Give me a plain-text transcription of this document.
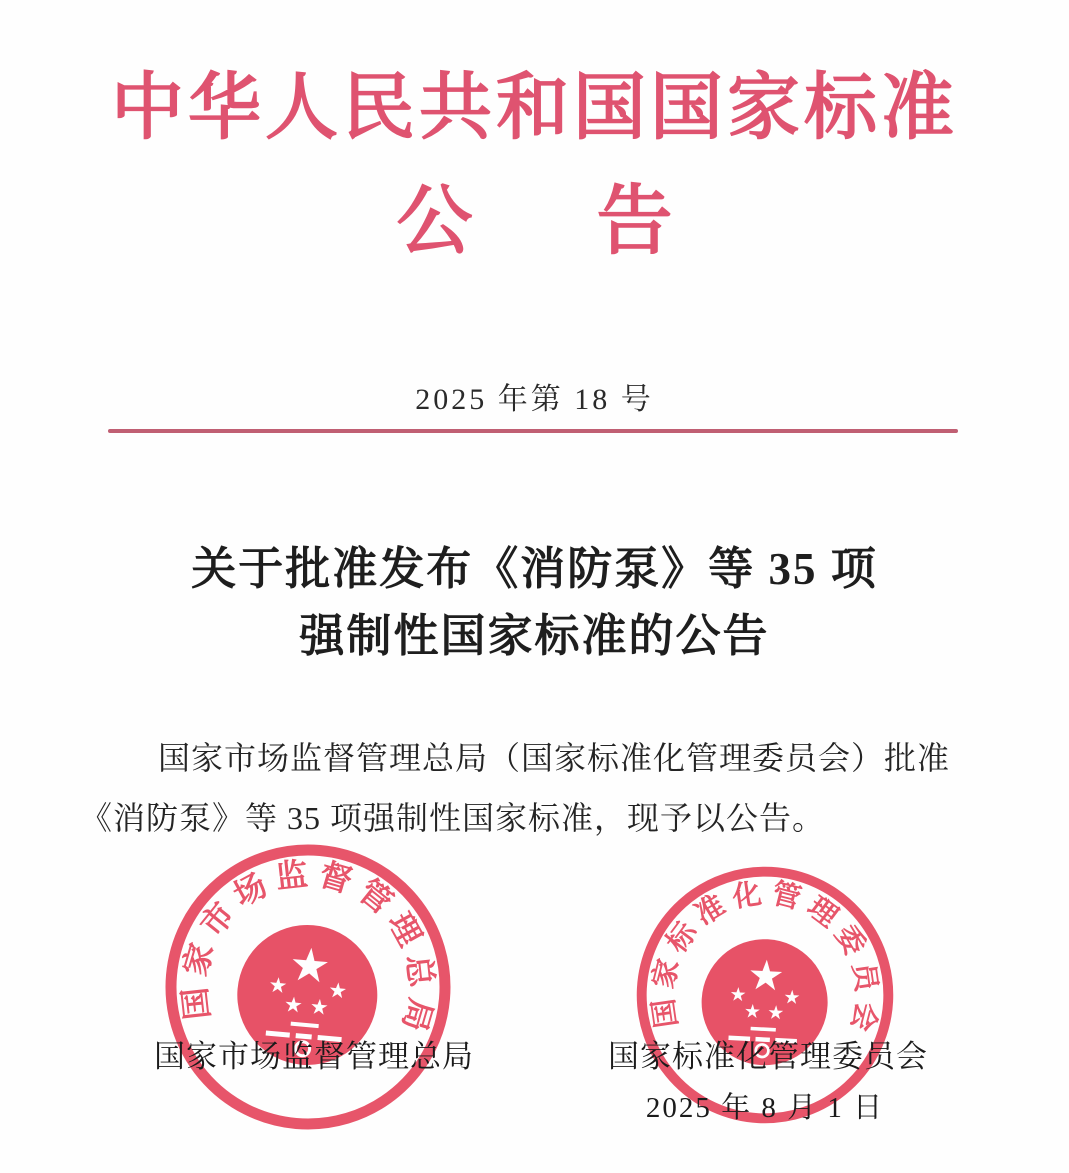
中华人民共和国国家标准
公 告
2025 年第 18 号
关于批准发布《消防泵》等 35 项
强制性国家标准的公告
国家市场监督管理总局（国家标准化管理委员会）批准
《消防泵》等 35 项强制性国家标准，现予以公告。
国家市场监督管理总局
★
★ ★
★ ★	国家标准化管理委员会
★
★ ★
★ ★
国家市场监督管理总局	国家标准化管理委员会
2025 年 8 月 1 日
